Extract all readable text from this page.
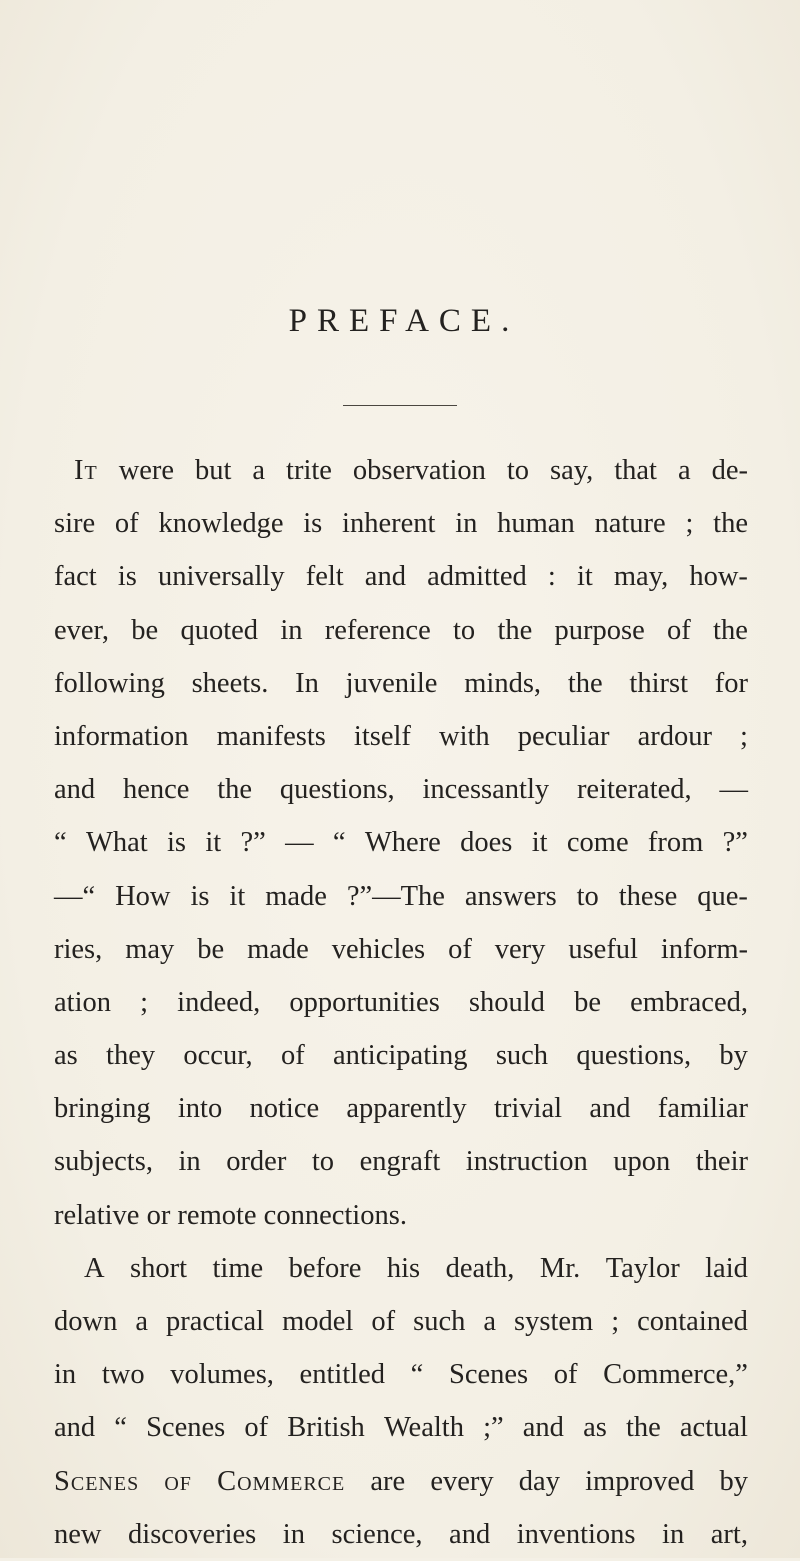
PREFACE.
It were but a trite observation to say, that a de-
sire of knowledge is inherent in human nature ; the
fact is universally felt and admitted : it may, how-
ever, be quoted in reference to the purpose of the
following sheets. In juvenile minds, the thirst for
information manifests itself with peculiar ardour ;
and hence the questions, incessantly reiterated, —
“ What is it ?” — “ Where does it come from ?”
—“ How is it made ?”—The answers to these que-
ries, may be made vehicles of very useful inform-
ation ; indeed, opportunities should be embraced,
as they occur, of anticipating such questions, by
bringing into notice apparently trivial and familiar
subjects, in order to engraft instruction upon their
relative or remote connections.
A short time before his death, Mr. Taylor laid
down a practical model of such a system ; contained
in two volumes, entitled “ Scenes of Commerce,”
and “ Scenes of British Wealth ;” and as the actual
Scenes of Commerce are every day improved by
new discoveries in science, and inventions in art,
